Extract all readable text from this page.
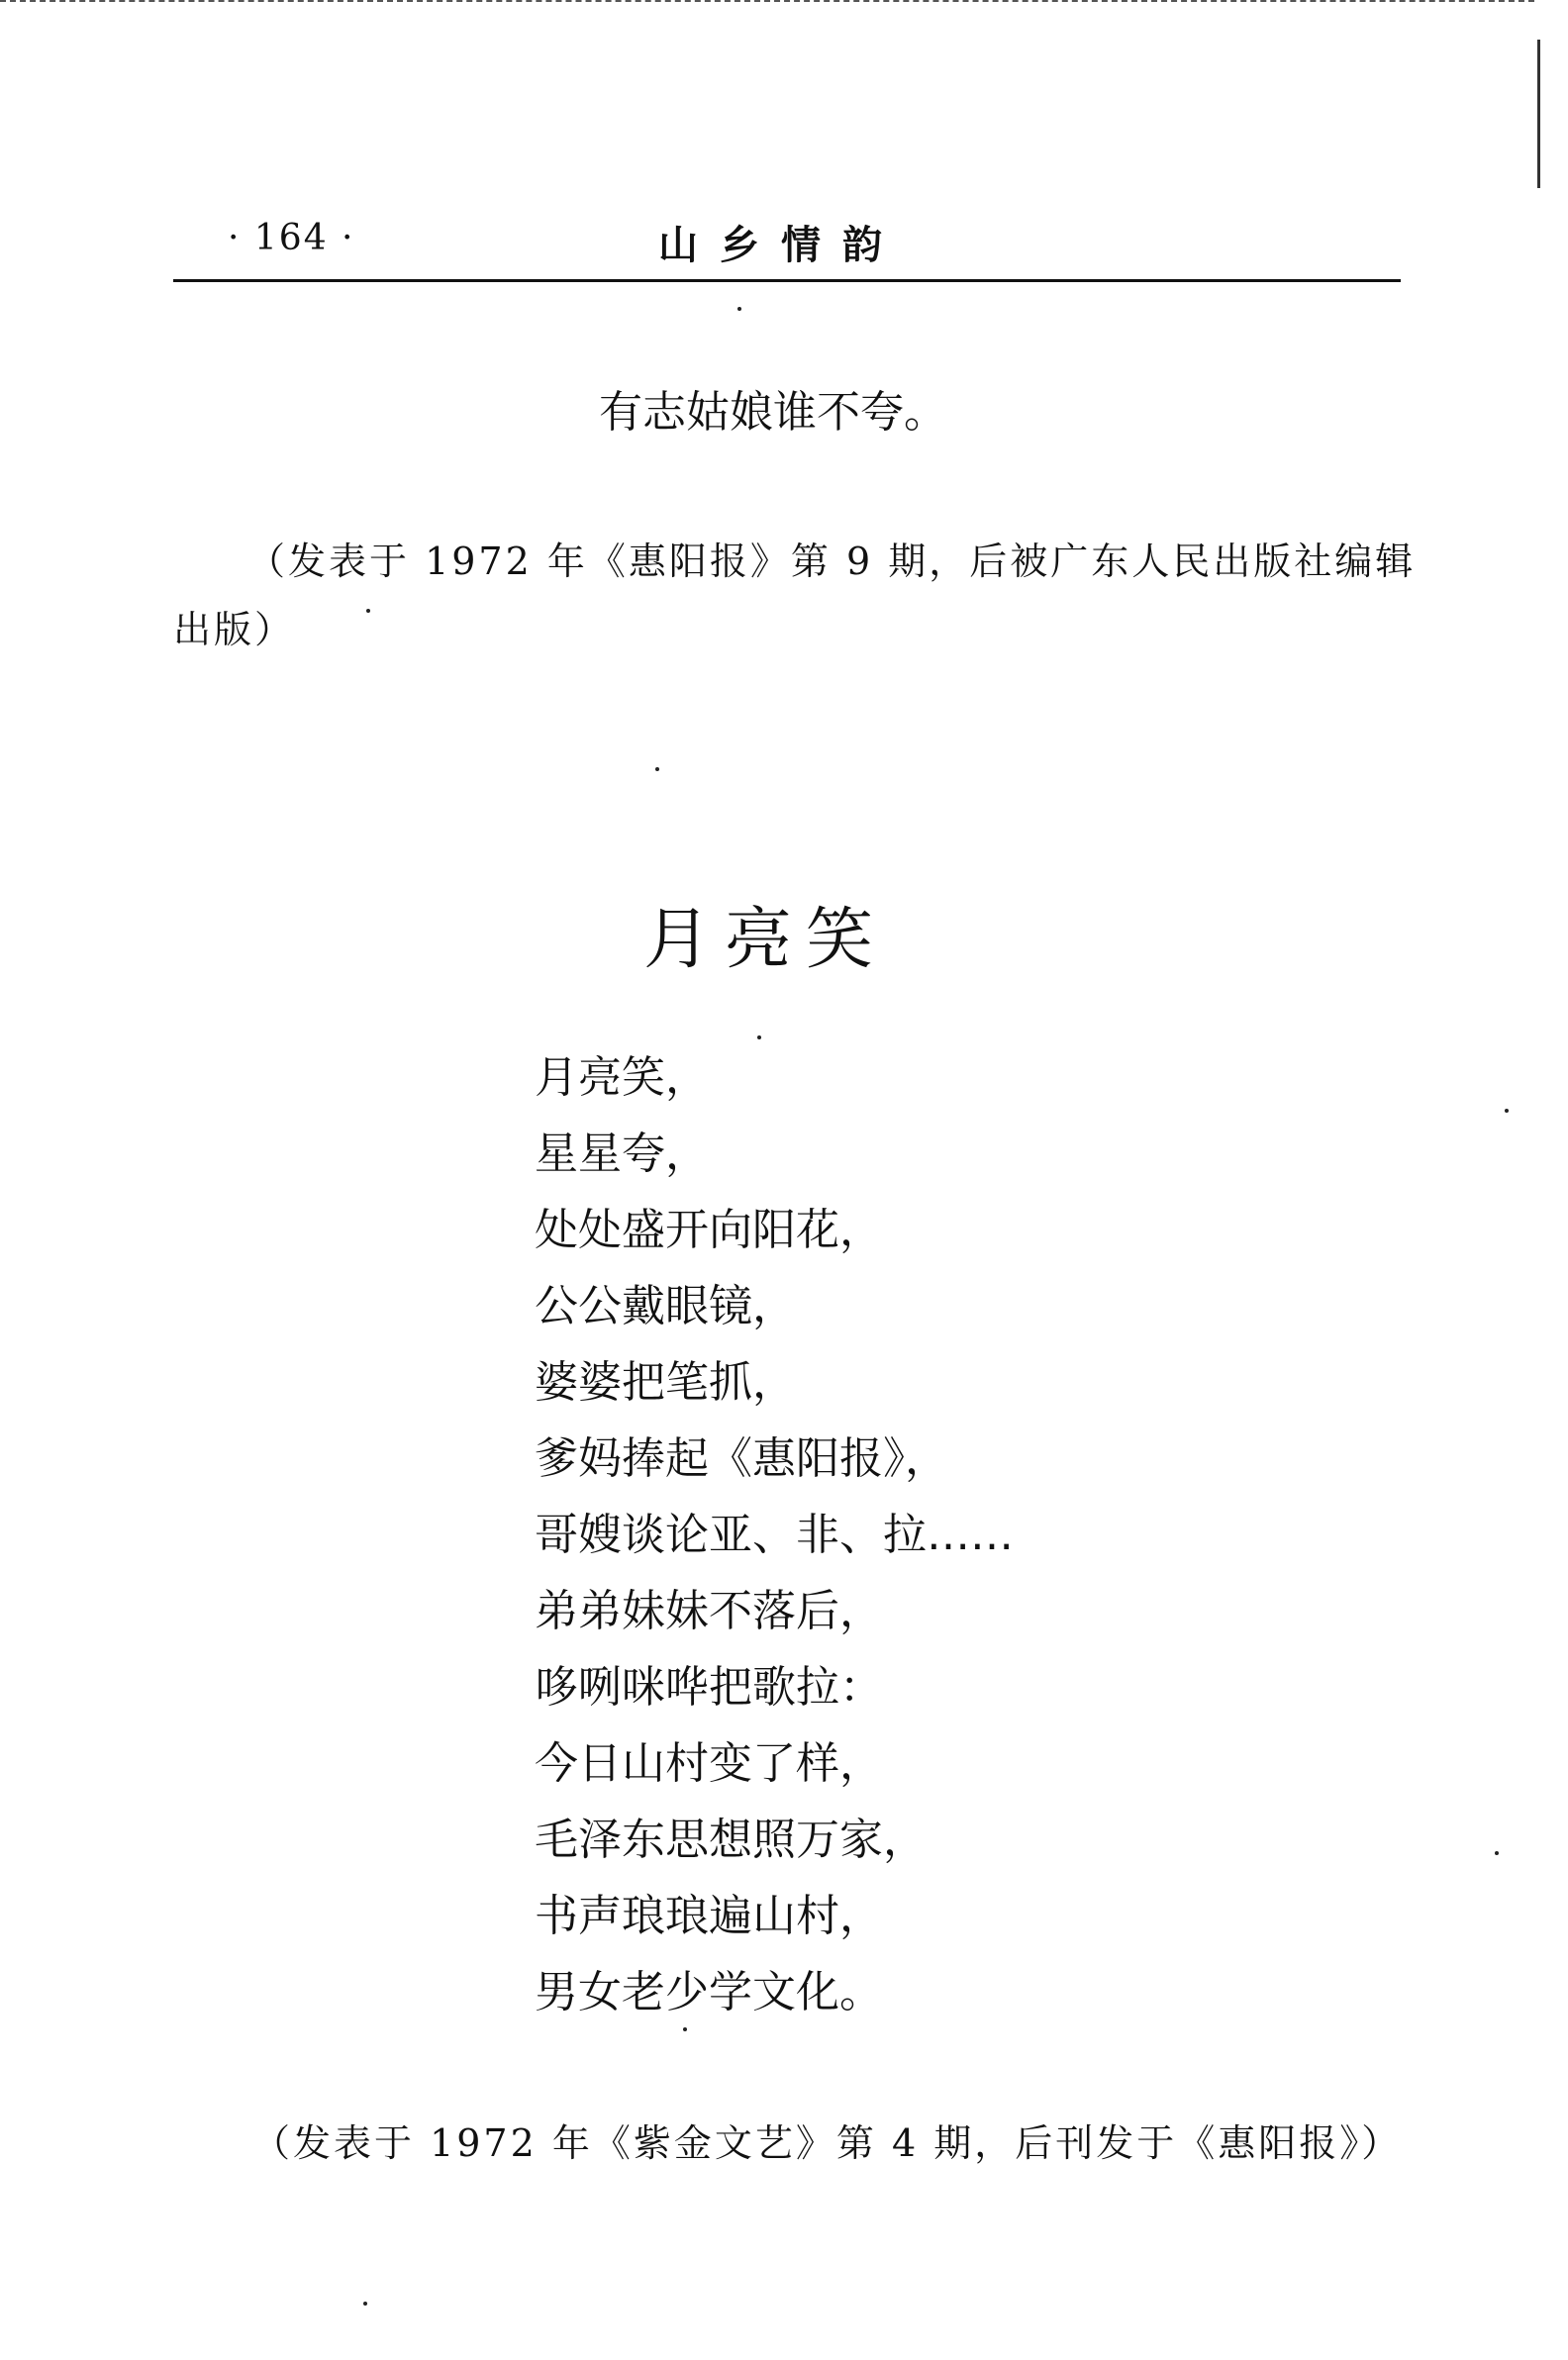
· 164 ·	山乡情韵
有志姑娘谁不夸。
（发表于 1972 年《惠阳报》第 9 期，后被广东人民出版社编辑
出版）
月亮笑
月亮笑，
星星夸，
处处盛开向阳花，
公公戴眼镜，
婆婆把笔抓，
爹妈捧起《惠阳报》，
哥嫂谈论亚、非、拉……
弟弟妹妹不落后，
哆咧咪哗把歌拉：
今日山村变了样，
毛泽东思想照万家，
书声琅琅遍山村，
男女老少学文化。
（发表于 1972 年《紫金文艺》第 4 期，后刊发于《惠阳报》）
